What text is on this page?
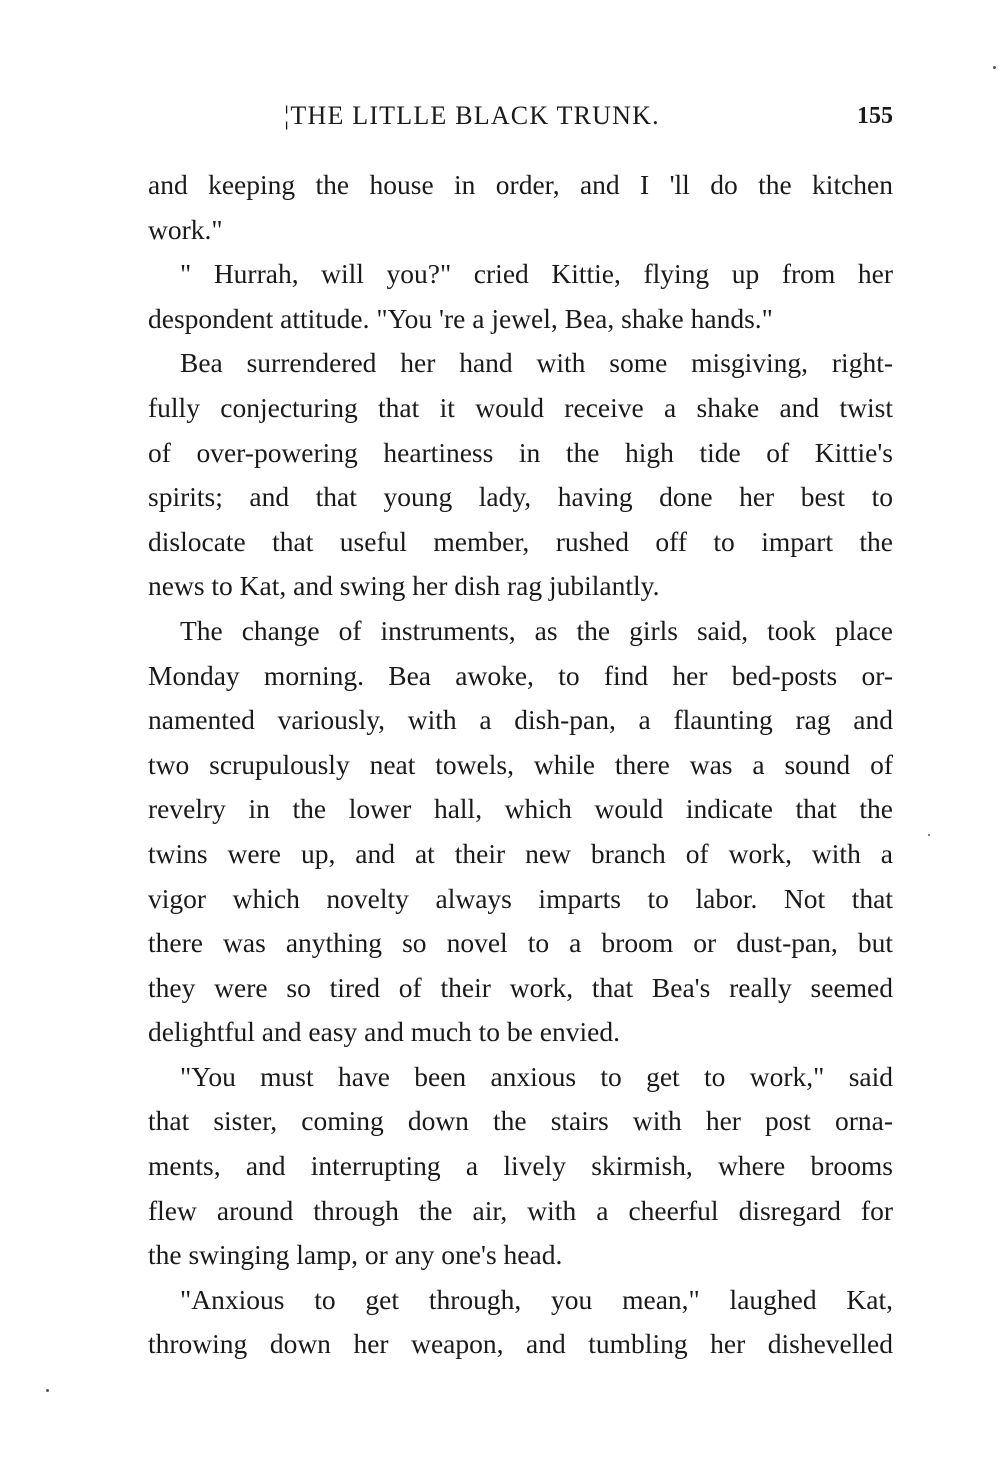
¦THE LITLLE BLACK TRUNK.	155
and keeping the house in order, and I 'll do the kitchen
work."
" Hurrah, will you?" cried Kittie, flying up from her
despondent attitude. "You 're a jewel, Bea, shake hands."
Bea surrendered her hand with some misgiving, right-
fully conjecturing that it would receive a shake and twist
of over-powering heartiness in the high tide of Kittie's
spirits; and that young lady, having done her best to
dislocate that useful member, rushed off to impart the
news to Kat, and swing her dish rag jubilantly.
The change of instruments, as the girls said, took place
Monday morning. Bea awoke, to find her bed-posts or-
namented variously, with a dish-pan, a flaunting rag and
two scrupulously neat towels, while there was a sound of
revelry in the lower hall, which would indicate that the
twins were up, and at their new branch of work, with a
vigor which novelty always imparts to labor. Not that
there was anything so novel to a broom or dust-pan, but
they were so tired of their work, that Bea's really seemed
delightful and easy and much to be envied.
"You must have been anxious to get to work," said
that sister, coming down the stairs with her post orna-
ments, and interrupting a lively skirmish, where brooms
flew around through the air, with a cheerful disregard for
the swinging lamp, or any one's head.
"Anxious to get through, you mean," laughed Kat,
throwing down her weapon, and tumbling her dishevelled
